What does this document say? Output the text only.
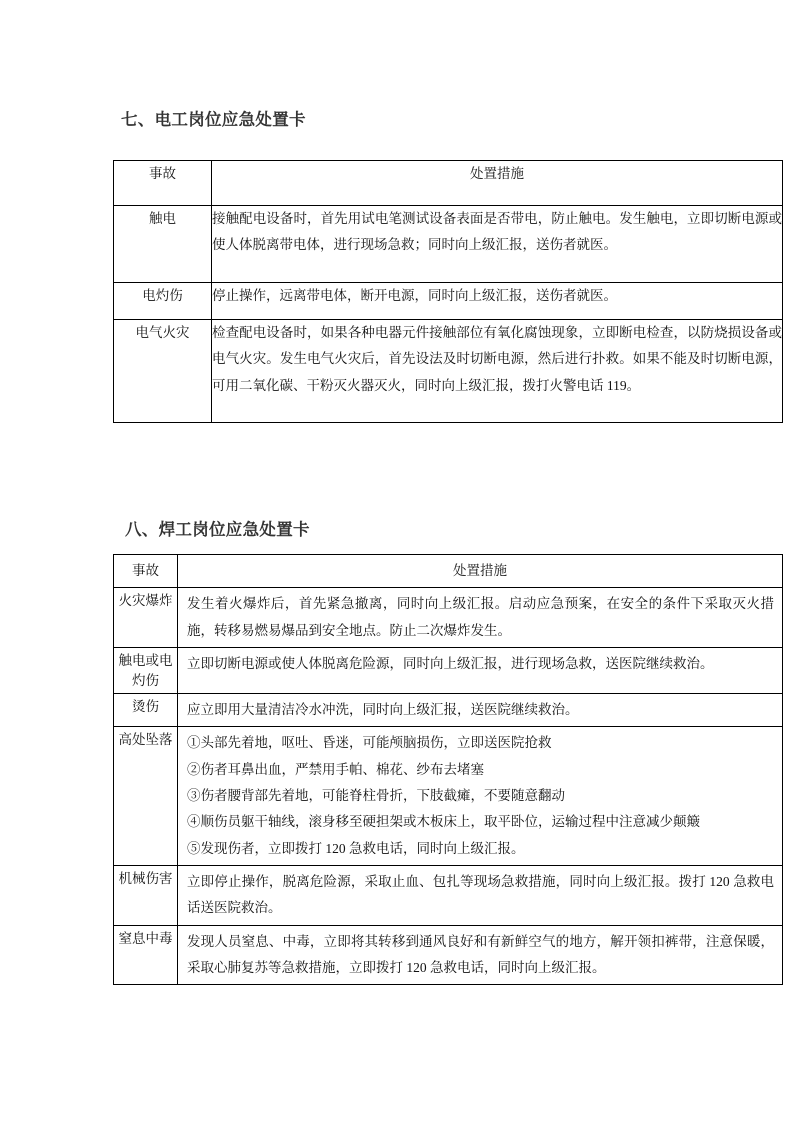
七、电工岗位应急处置卡
事故	处置措施
触电	接触配电设备时，首先用试电笔测试设备表面是否带电，防止触电。发生触电，立即切断电源或使人体脱离带电体，进行现场急救；同时向上级汇报，送伤者就医。
电灼伤	停止操作，远离带电体，断开电源，同时向上级汇报，送伤者就医。
电气火灾	检查配电设备时，如果各种电器元件接触部位有氧化腐蚀现象，立即断电检查，以防烧损设备或电气火灾。发生电气火灾后，首先设法及时切断电源，然后进行扑救。如果不能及时切断电源，可用二氧化碳、干粉灭火器灭火，同时向上级汇报，拨打火警电话 119。
八、焊工岗位应急处置卡
事故	处置措施
火灾爆炸	发生着火爆炸后，首先紧急撤离，同时向上级汇报。启动应急预案，在安全的条件下采取灭火措施，转移易燃易爆品到安全地点。防止二次爆炸发生。
触电或电灼伤	立即切断电源或使人体脱离危险源，同时向上级汇报，进行现场急救，送医院继续救治。
烫伤	应立即用大量清洁冷水冲洗，同时向上级汇报，送医院继续救治。
高处坠落	①头部先着地，呕吐、昏迷，可能颅脑损伤，立即送医院抢救
②伤者耳鼻出血，严禁用手帕、棉花、纱布去堵塞
③伤者腰背部先着地，可能脊柱骨折，下肢截瘫，不要随意翻动
④顺伤员躯干轴线，滚身移至硬担架或木板床上，取平卧位，运输过程中注意减少颠簸
⑤发现伤者，立即拨打 120 急救电话，同时向上级汇报。

机械伤害	立即停止操作，脱离危险源，采取止血、包扎等现场急救措施，同时向上级汇报。拨打 120 急救电话送医院救治。
窒息中毒	发现人员窒息、中毒，立即将其转移到通风良好和有新鲜空气的地方，解开领扣裤带，注意保暖，采取心肺复苏等急救措施，立即拨打 120 急救电话，同时向上级汇报。
